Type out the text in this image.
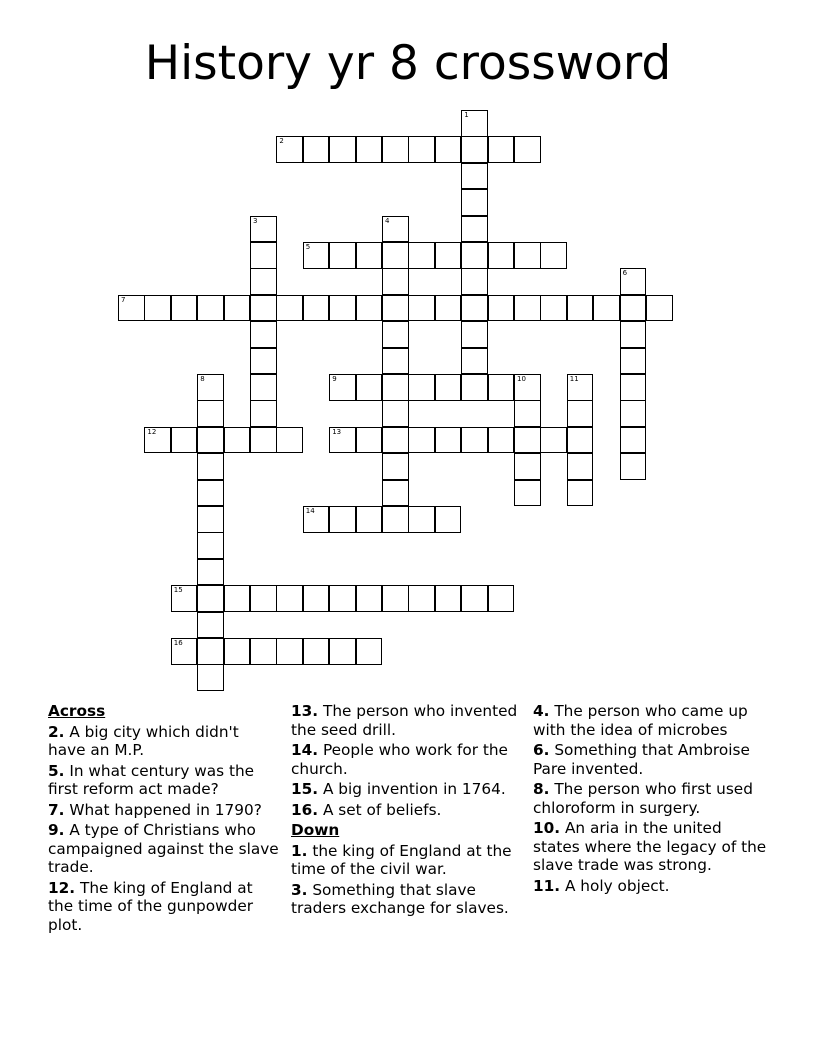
History yr 8 crossword
1
2
3	4
5
6
7
8	9	10	11
12	13
14
15
16
Across
2. A big city which didn't have an M.P.
5. In what century was the first reform act made?
7. What happened in 1790?
9. A type of Christians who campaigned against the slave trade.
12. The king of England at the time of the gunpowder plot.
13. The person who invented the seed drill.
14. People who work for the church.
15. A big invention in 1764.
16. A set of beliefs.
Down
1. the king of England at the time of the civil war.
3. Something that slave traders exchange for slaves.
4. The person who came up with the idea of microbes
6. Something that Ambroise Pare invented.
8. The person who first used chloroform in surgery.
10. An aria in the united states where the legacy of the slave trade was strong.
11. A holy object.
